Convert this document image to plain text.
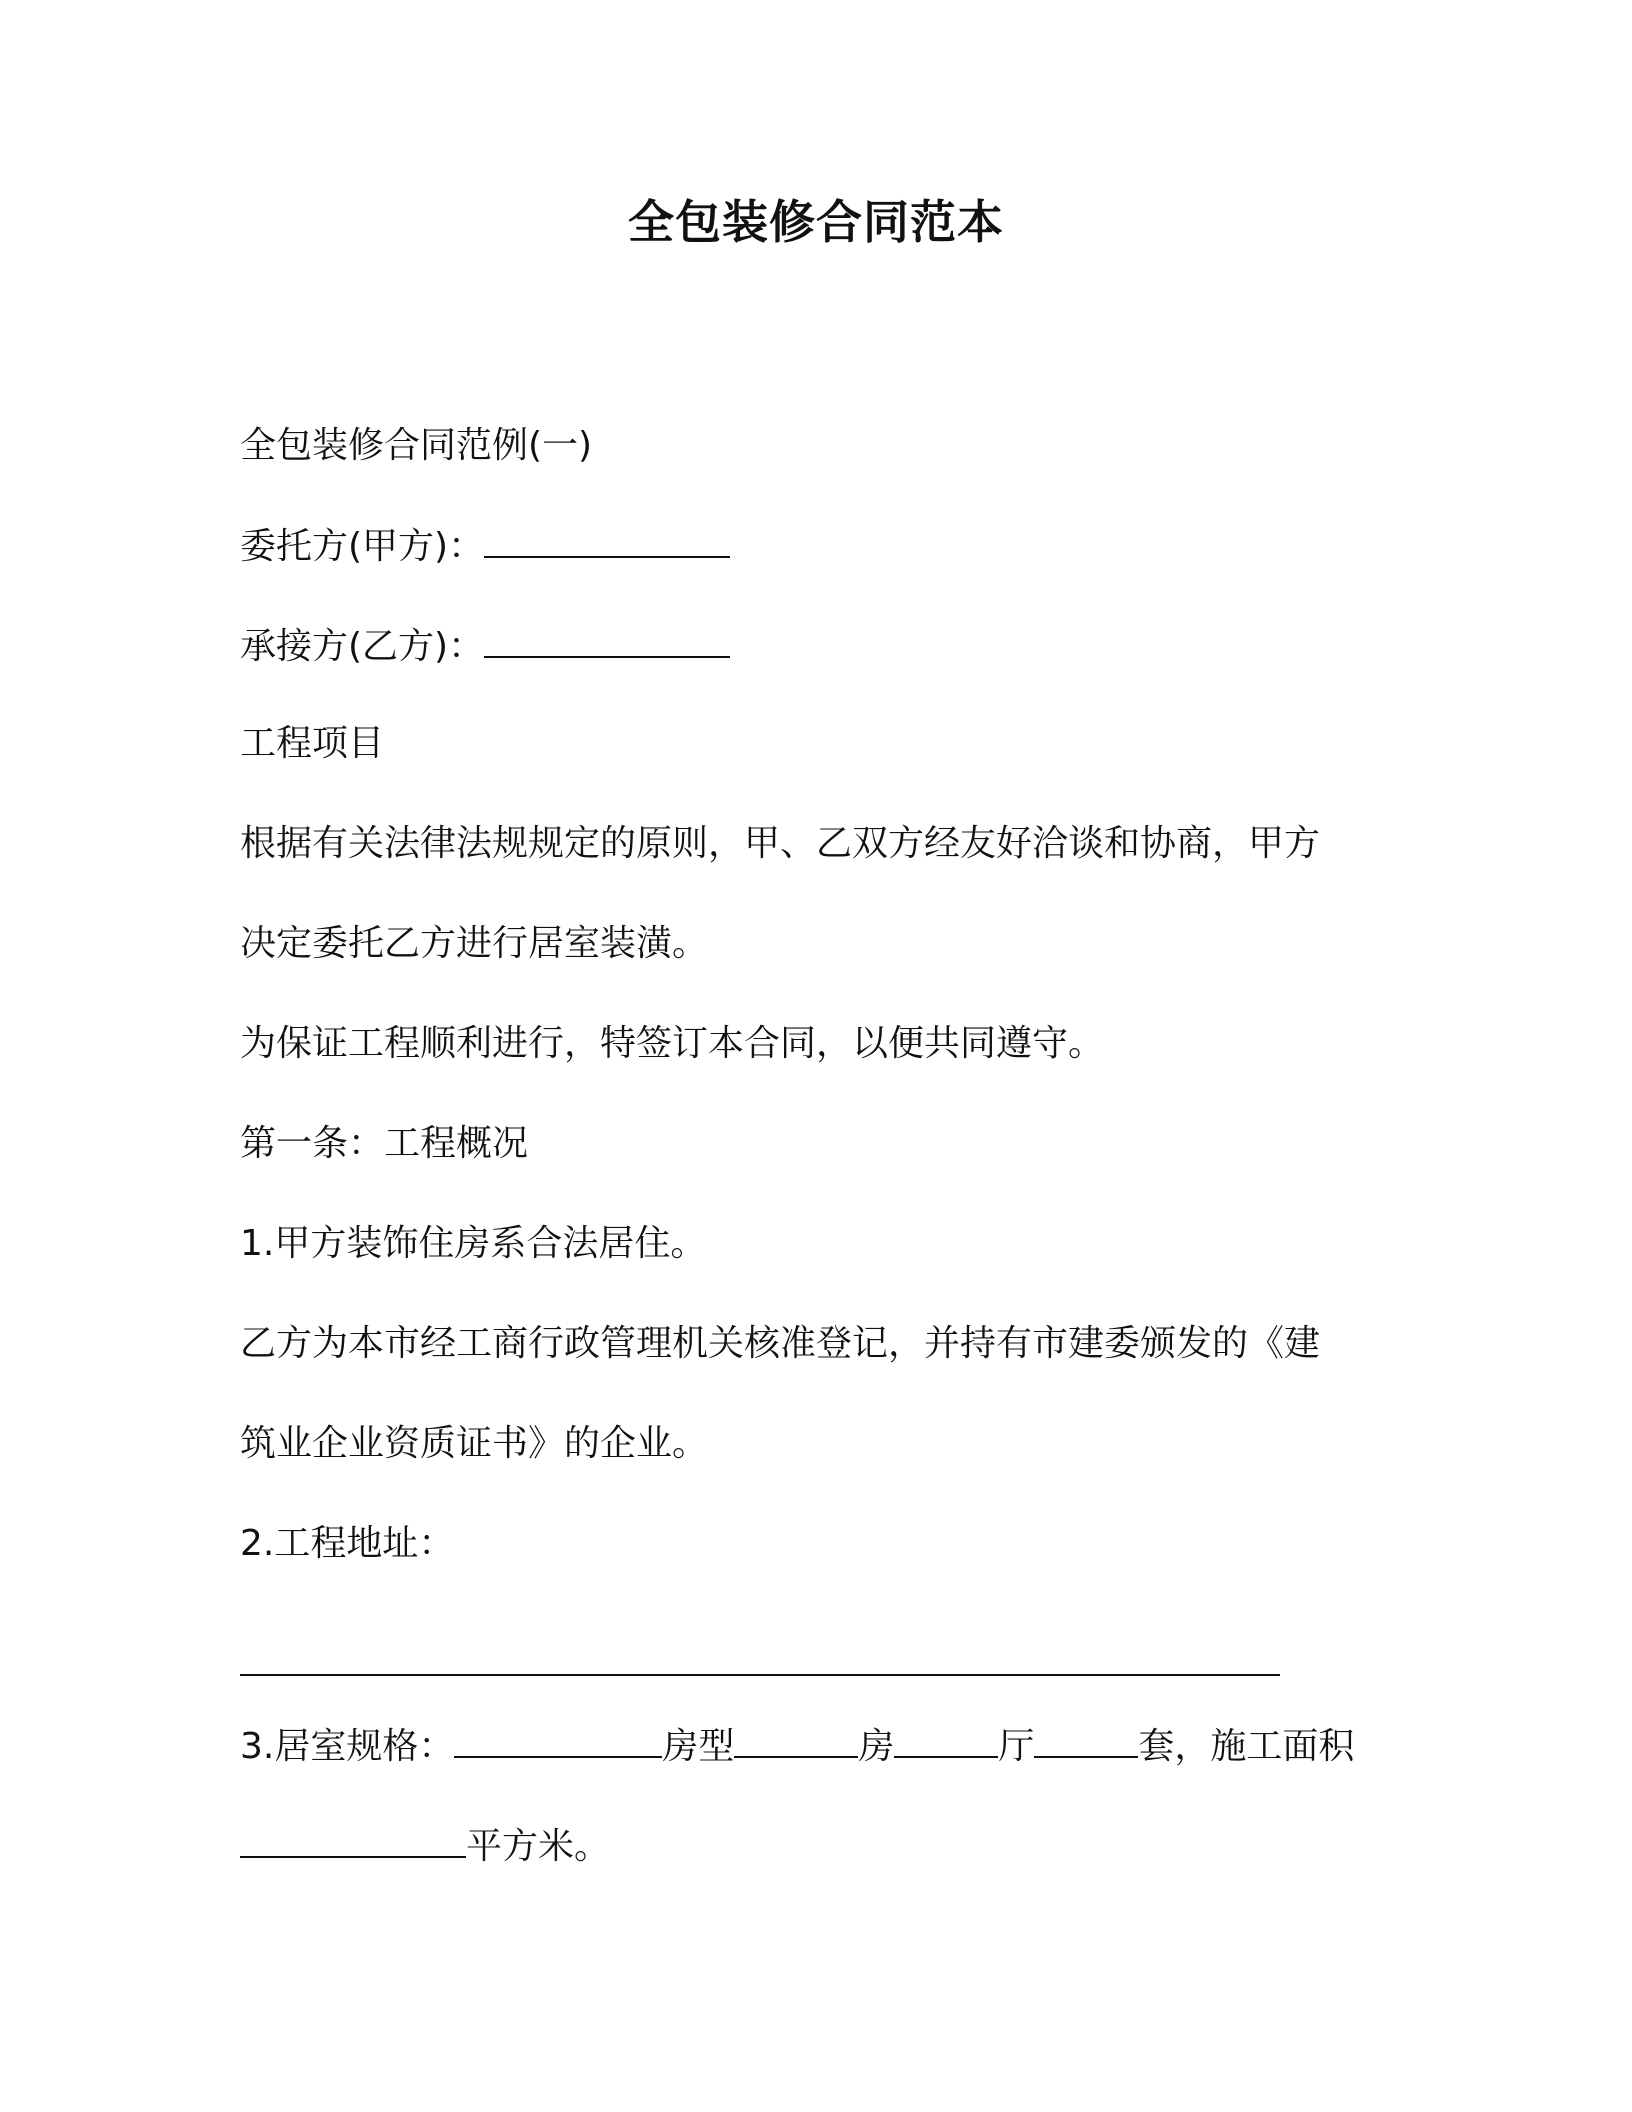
全包装修合同范本
全包装修合同范例(一)
委托方(甲方)：
承接方(乙方)：
工程项目
根据有关法律法规规定的原则，甲、乙双方经友好洽谈和协商，甲方
决定委托乙方进行居室装潢。
为保证工程顺利进行，特签订本合同，以便共同遵守。
第一条：工程概况
1.甲方装饰住房系合法居住。
乙方为本市经工商行政管理机关核准登记，并持有市建委颁发的《建
筑业企业资质证书》的企业。
2.工程地址：
3.居室规格：	房型	房	厅	套，施工面积
平方米。
